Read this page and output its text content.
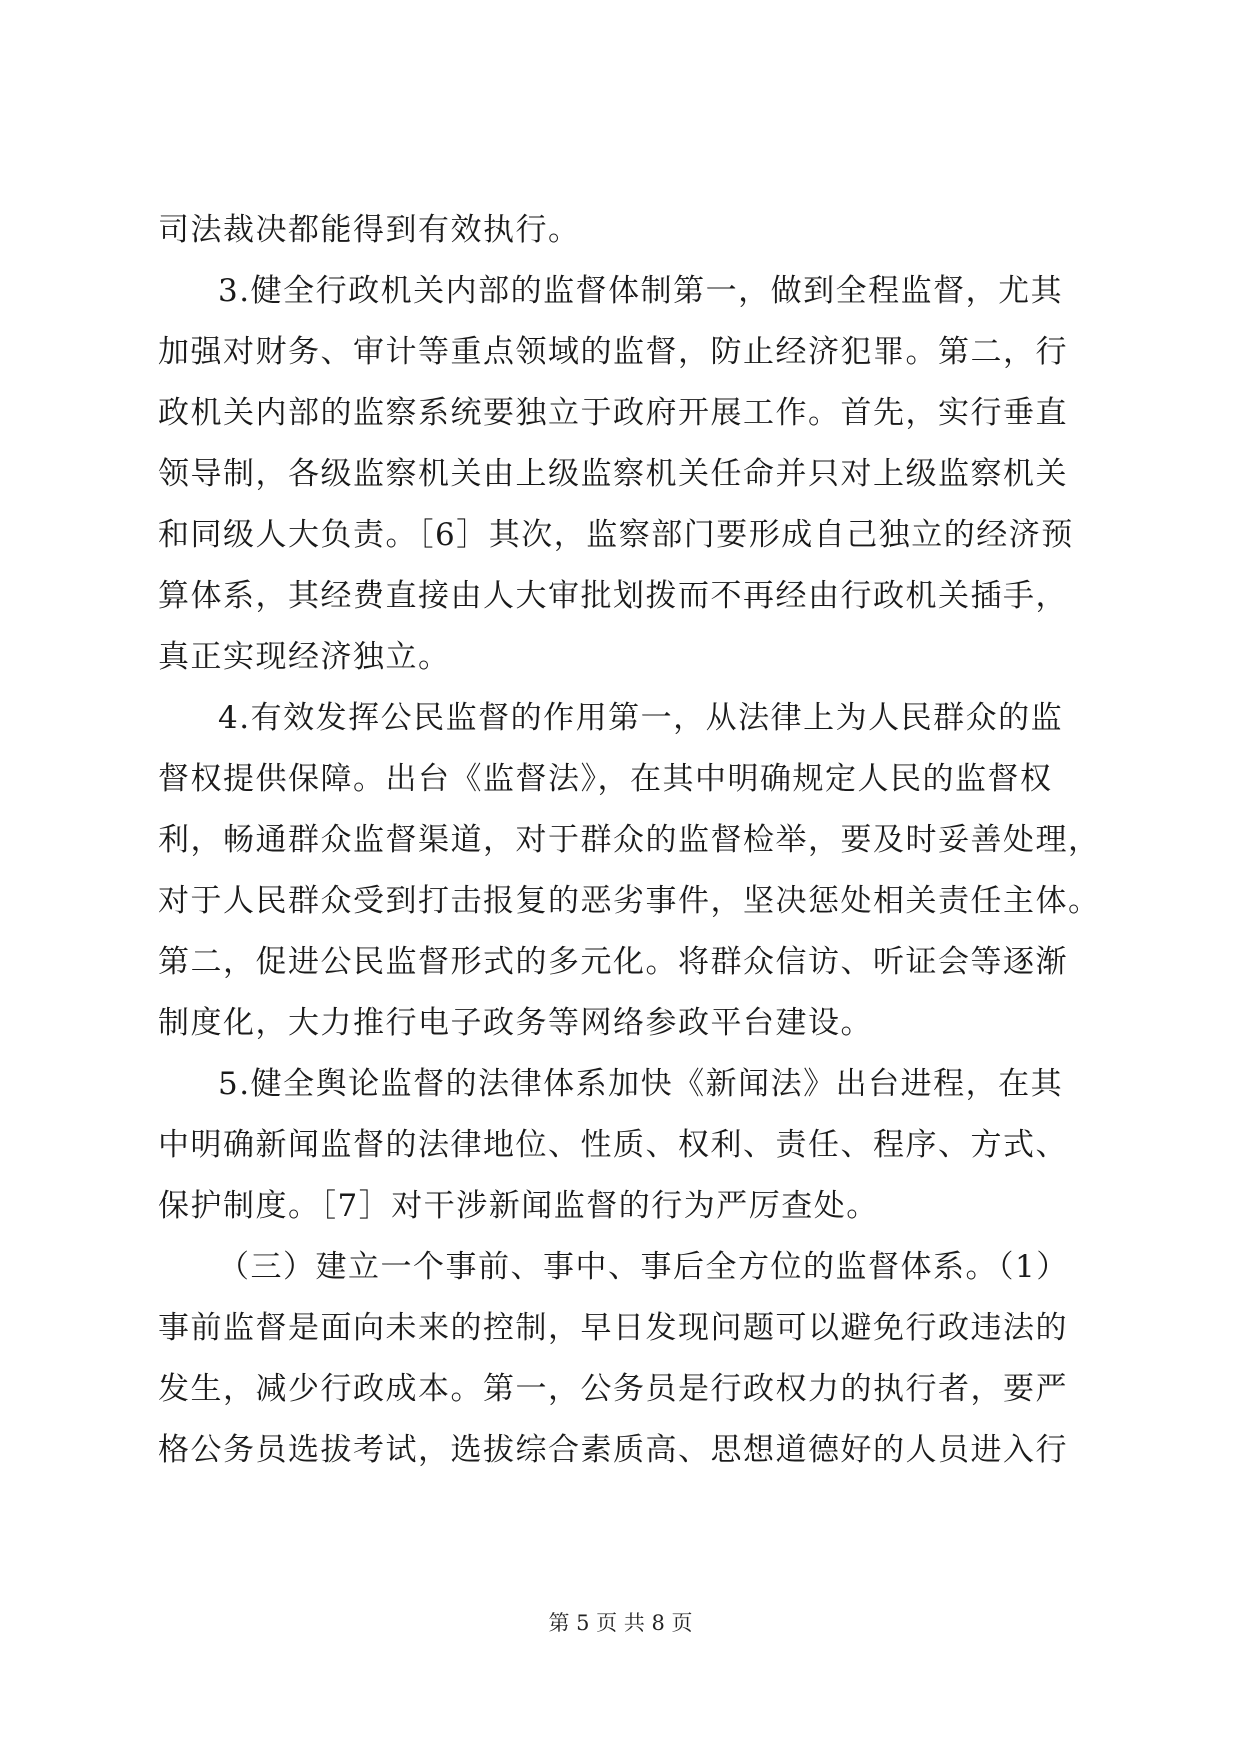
司法裁决都能得到有效执行。
3.健全行政机关内部的监督体制第一，做到全程监督，尤其
加强对财务、审计等重点领域的监督，防止经济犯罪。第二，行
政机关内部的监察系统要独立于政府开展工作。首先，实行垂直
领导制，各级监察机关由上级监察机关任命并只对上级监察机关
和同级人大负责。［6］其次，监察部门要形成自己独立的经济预
算体系，其经费直接由人大审批划拨而不再经由行政机关插手，
真正实现经济独立。
4.有效发挥公民监督的作用第一，从法律上为人民群众的监
督权提供保障。出台《监督法》，在其中明确规定人民的监督权
利，畅通群众监督渠道，对于群众的监督检举，要及时妥善处理，
对于人民群众受到打击报复的恶劣事件，坚决惩处相关责任主体。
第二，促进公民监督形式的多元化。将群众信访、听证会等逐渐
制度化，大力推行电子政务等网络参政平台建设。
5.健全舆论监督的法律体系加快《新闻法》出台进程，在其
中明确新闻监督的法律地位、性质、权利、责任、程序、方式、
保护制度。［7］对干涉新闻监督的行为严厉查处。
（三）建立一个事前、事中、事后全方位的监督体系。（1）
事前监督是面向未来的控制，早日发现问题可以避免行政违法的
发生，减少行政成本。第一，公务员是行政权力的执行者，要严
格公务员选拔考试，选拔综合素质高、思想道德好的人员进入行
第 5 页 共 8 页
